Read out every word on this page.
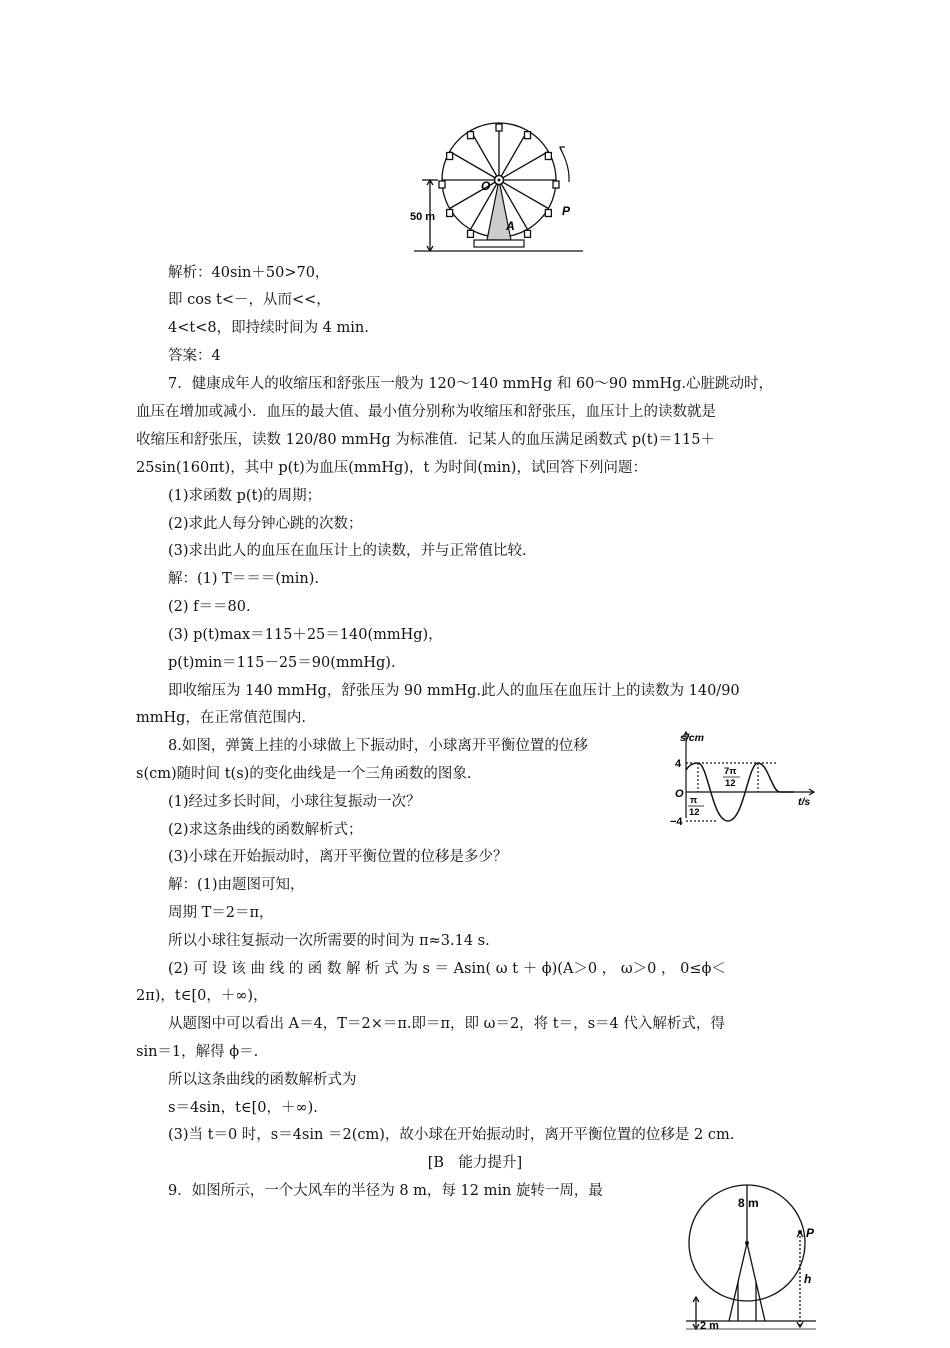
O
A
P
50 m
s/cm
t/s
4
−4
O
π
12
7π
12
8 m
P
h
2 m
解析：40sin＋50>70，
即 cos t<－，从而<<，
4<t<8，即持续时间为 4 min.
答案：4
7．健康成年人的收缩压和舒张压一般为 120～140 mmHg 和 60～90 mmHg.心脏跳动时，
血压在增加或减小．血压的最大值、最小值分别称为收缩压和舒张压，血压计上的读数就是
收缩压和舒张压，读数 120/80 mmHg 为标准值．记某人的血压满足函数式 p(t)＝115＋
25sin(160πt)，其中 p(t)为血压(mmHg)，t 为时间(min)，试回答下列问题：
(1)求函数 p(t)的周期；
(2)求此人每分钟心跳的次数；
(3)求出此人的血压在血压计上的读数，并与正常值比较.
解：(1) T＝＝＝(min).
(2) f＝＝80.
(3) p(t)max＝115＋25＝140(mmHg)，
p(t)min＝115－25＝90(mmHg).
即收缩压为 140 mmHg，舒张压为 90 mmHg.此人的血压在血压计上的读数为 140/90
mmHg，在正常值范围内.
8.如图，弹簧上挂的小球做上下振动时，小球离开平衡位置的位移
s(cm)随时间 t(s)的变化曲线是一个三角函数的图象.
(1)经过多长时间，小球往复振动一次？
(2)求这条曲线的函数解析式；
(3)小球在开始振动时，离开平衡位置的位移是多少？
解：(1)由题图可知，
周期 T＝2＝π，
所以小球往复振动一次所需要的时间为 π≈3.14 s.
(2) 可 设 该 曲 线 的 函 数 解 析 式 为 s ＝ Asin( ω t ＋ ϕ)(A＞0 ， ω＞0 ， 0≤ϕ＜
2π)，t∈[0，＋∞)，
从题图中可以看出 A＝4，T＝2×＝π.即＝π，即 ω＝2，将 t＝，s＝4 代入解析式，得
sin＝1，解得 ϕ＝.
所以这条曲线的函数解析式为
s＝4sin，t∈[0，＋∞).
(3)当 t＝0 时，s＝4sin ＝2(cm)，故小球在开始振动时，离开平衡位置的位移是 2 cm.
[B　能力提升]
9．如图所示，一个大风车的半径为 8 m，每 12 min 旋转一周，最
